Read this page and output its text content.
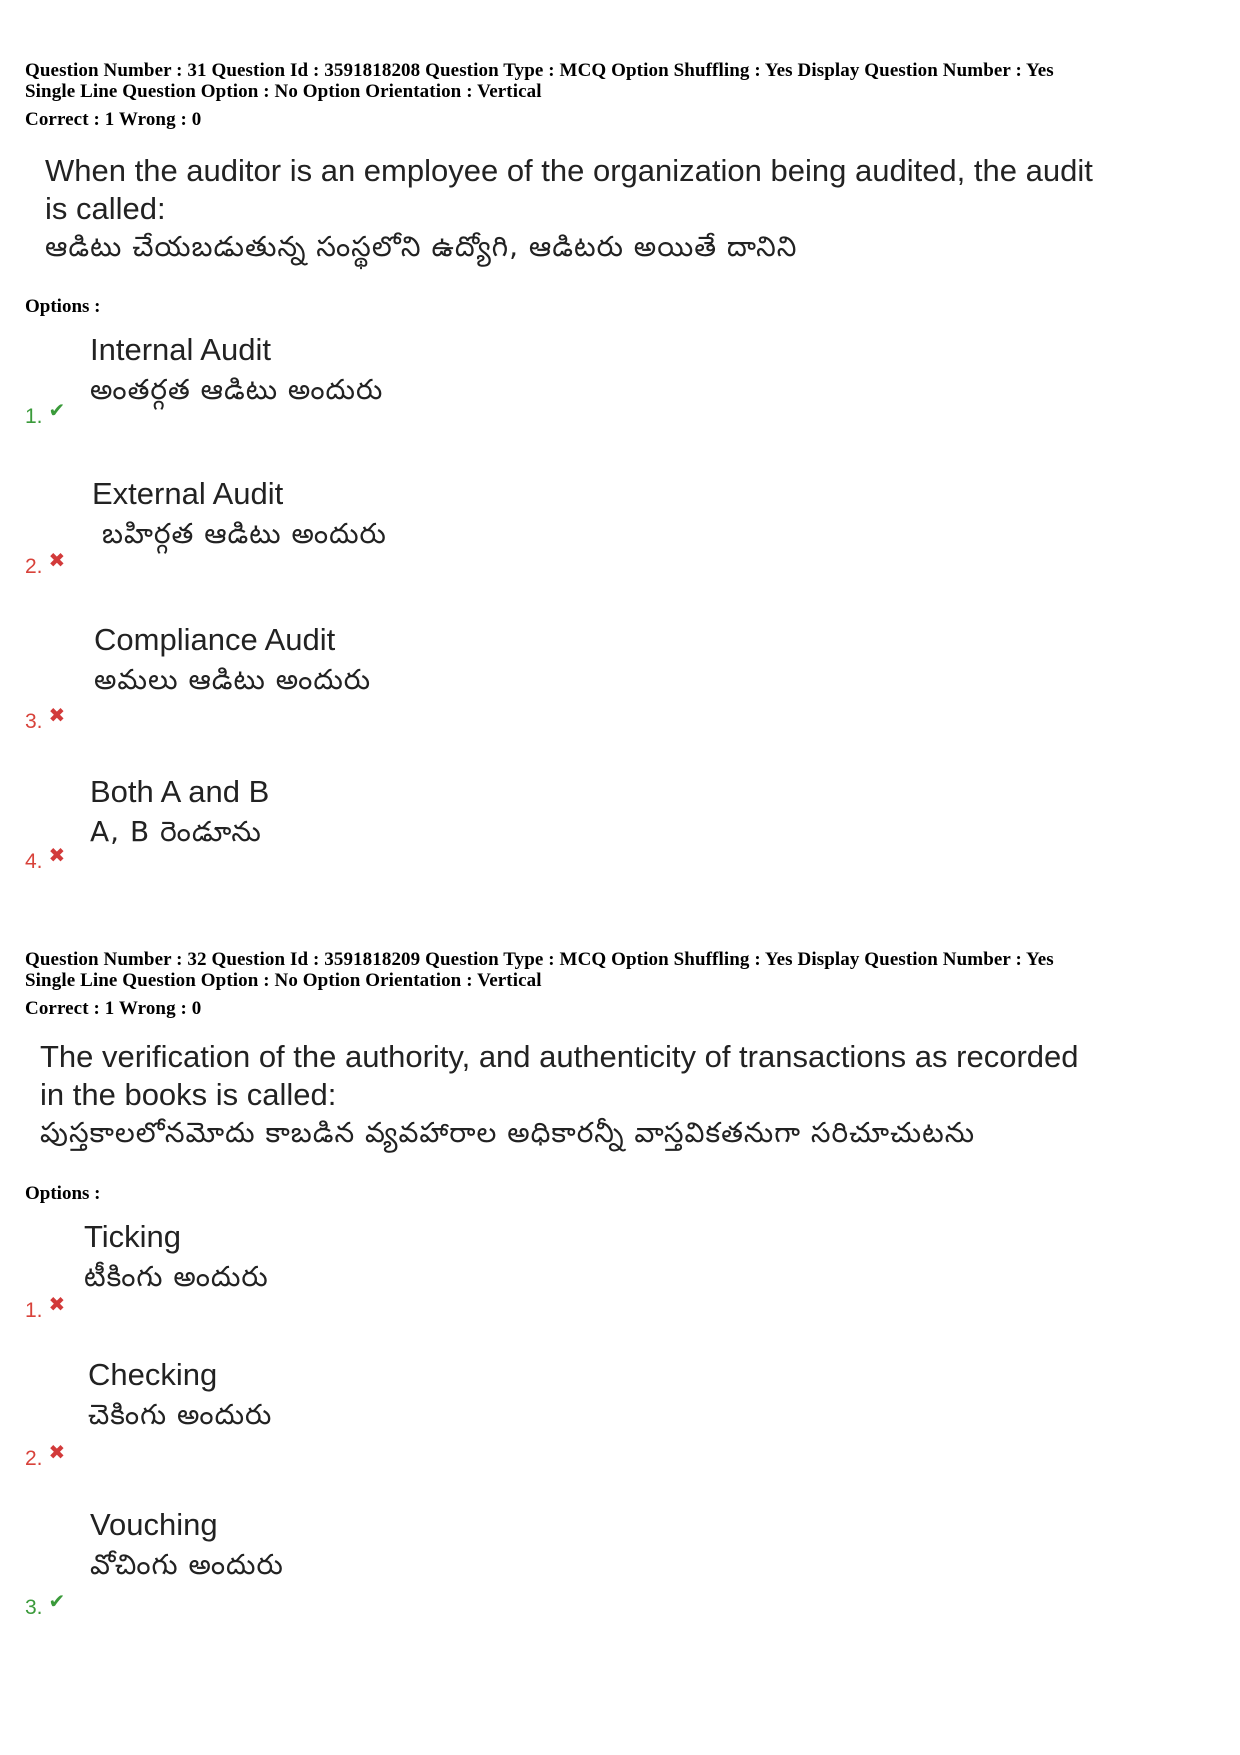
Question Number : 31 Question Id : 3591818208 Question Type : MCQ Option Shuffling : Yes Display Question Number : Yes
Single Line Question Option : No Option Orientation : Vertical
Correct : 1 Wrong : 0
When the auditor is an employee of the organization being audited, the audit
is called:
ఆడిటు చేయబడుతున్న సంస్థలోని ఉద్యోగి, ఆడిటరు అయితే దానిని
Options :
Internal Audit
అంతర్గత ఆడిటు అందురు
1. ✔
External Audit
బహిర్గత ఆడిటు అందురు
2. ✖
Compliance Audit
అమలు ఆడిటు అందురు
3. ✖
Both A and B
A, B రెండూను
4. ✖
Question Number : 32 Question Id : 3591818209 Question Type : MCQ Option Shuffling : Yes Display Question Number : Yes
Single Line Question Option : No Option Orientation : Vertical
Correct : 1 Wrong : 0
The verification of the authority, and authenticity of transactions as recorded
in the books is called:
పుస్తకాలలోనమోదు కాబడిన వ్యవహారాల అధికారన్నీ వాస్తవికతనుగా సరిచూచుటను
Options :
Ticking
టీకింగు అందురు
1. ✖
Checking
చెకింగు అందురు
2. ✖
Vouching
వోచింగు అందురు
3. ✔
